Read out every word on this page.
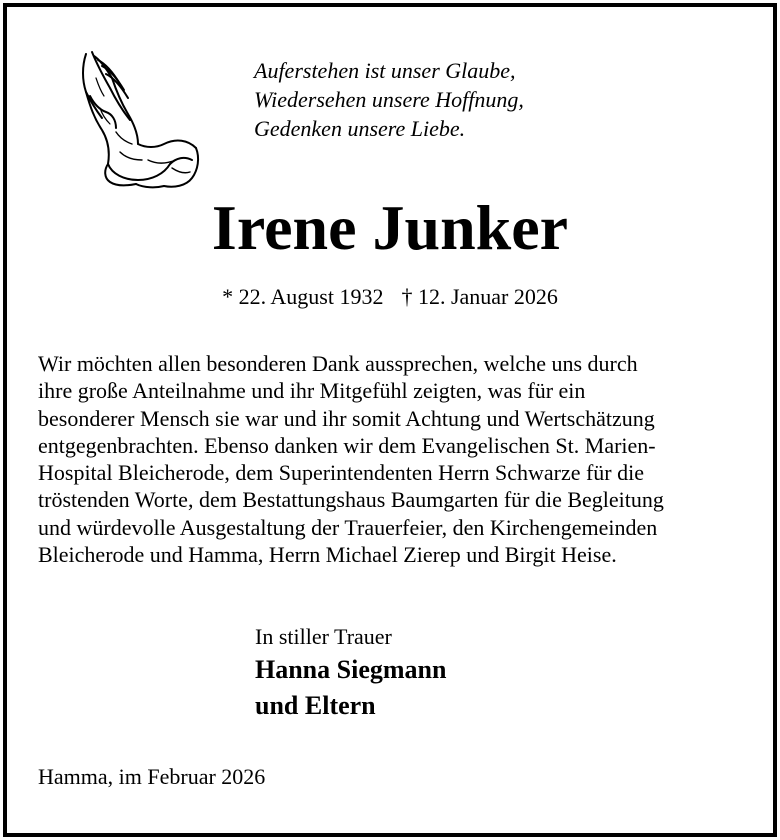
Auferstehen ist unser Glaube,
Wiedersehen unsere Hoffnung,
Gedenken unsere Liebe.
Irene Junker
* 22. August 1932 † 12. Januar 2026
Wir möchten allen besonderen Dank aussprechen, welche uns durch
ihre große Anteilnahme und ihr Mitgefühl zeigten, was für ein
besonderer Mensch sie war und ihr somit Achtung und Wertschätzung
entgegenbrachten. Ebenso danken wir dem Evangelischen St. Marien-
Hospital Bleicherode, dem Superintendenten Herrn Schwarze für die
tröstenden Worte, dem Bestattungshaus Baumgarten für die Begleitung
und würdevolle Ausgestaltung der Trauerfeier, den Kirchengemeinden
Bleicherode und Hamma, Herrn Michael Zierep und Birgit Heise.
In stiller Trauer
Hanna Siegmann
und Eltern
Hamma, im Februar 2026
